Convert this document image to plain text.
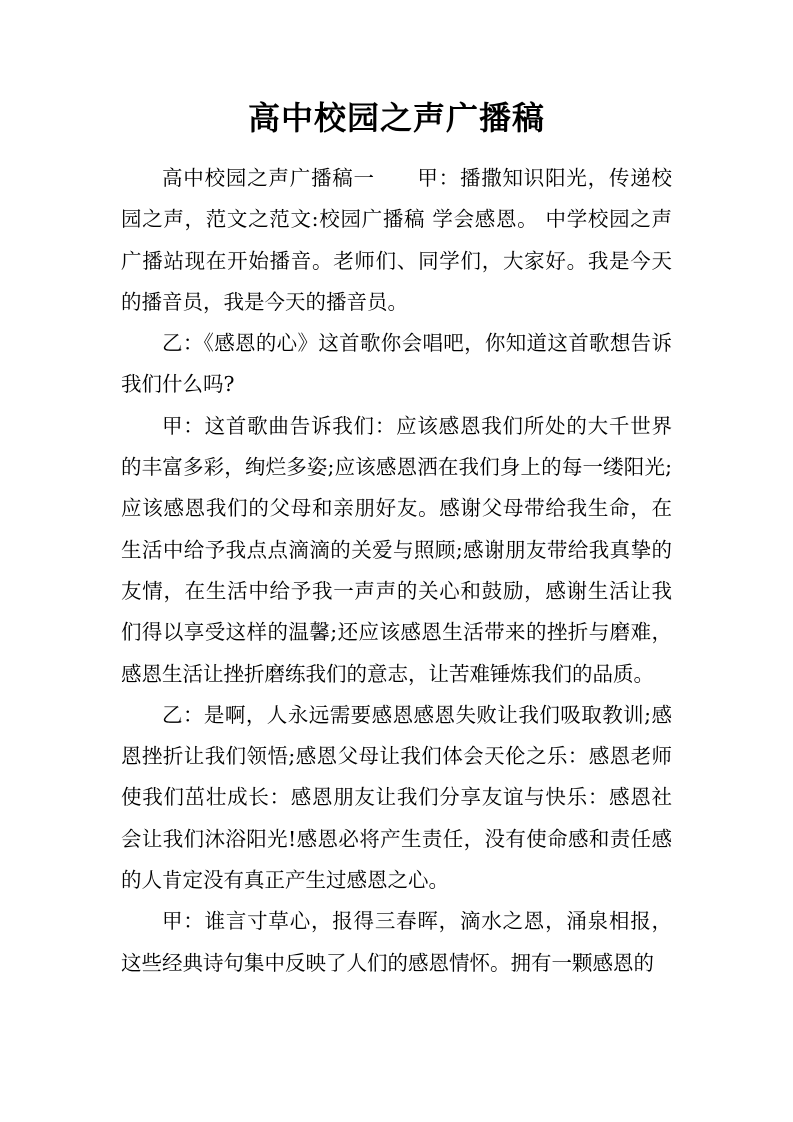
高中校园之声广播稿

高中校园之声广播稿一　　甲：播撒知识阳光，传递校园之声，范文之范文:校园广播稿 学会感恩。 中学校园之声广播站现在开始播音。老师们、同学们，大家好。我是今天的播音员，我是今天的播音员。

乙：《感恩的心》这首歌你会唱吧，你知道这首歌想告诉我们什么吗?

甲：这首歌曲告诉我们：应该感恩我们所处的大千世界的丰富多彩，绚烂多姿;应该感恩洒在我们身上的每一缕阳光;应该感恩我们的父母和亲朋好友。感谢父母带给我生命，在生活中给予我点点滴滴的关爱与照顾;感谢朋友带给我真挚的友情，在生活中给予我一声声的关心和鼓励，感谢生活让我们得以享受这样的温馨;还应该感恩生活带来的挫折与磨难，感恩生活让挫折磨练我们的意志，让苦难锤炼我们的品质。

乙：是啊，人永远需要感恩感恩失败让我们吸取教训;感恩挫折让我们领悟;感恩父母让我们体会天伦之乐：感恩老师使我们茁壮成长：感恩朋友让我们分享友谊与快乐：感恩社会让我们沐浴阳光!感恩必将产生责任，没有使命感和责任感的人肯定没有真正产生过感恩之心。

甲：谁言寸草心，报得三春晖，滴水之恩，涌泉相报，这些经典诗句集中反映了人们的感恩情怀。拥有一颗感恩的
